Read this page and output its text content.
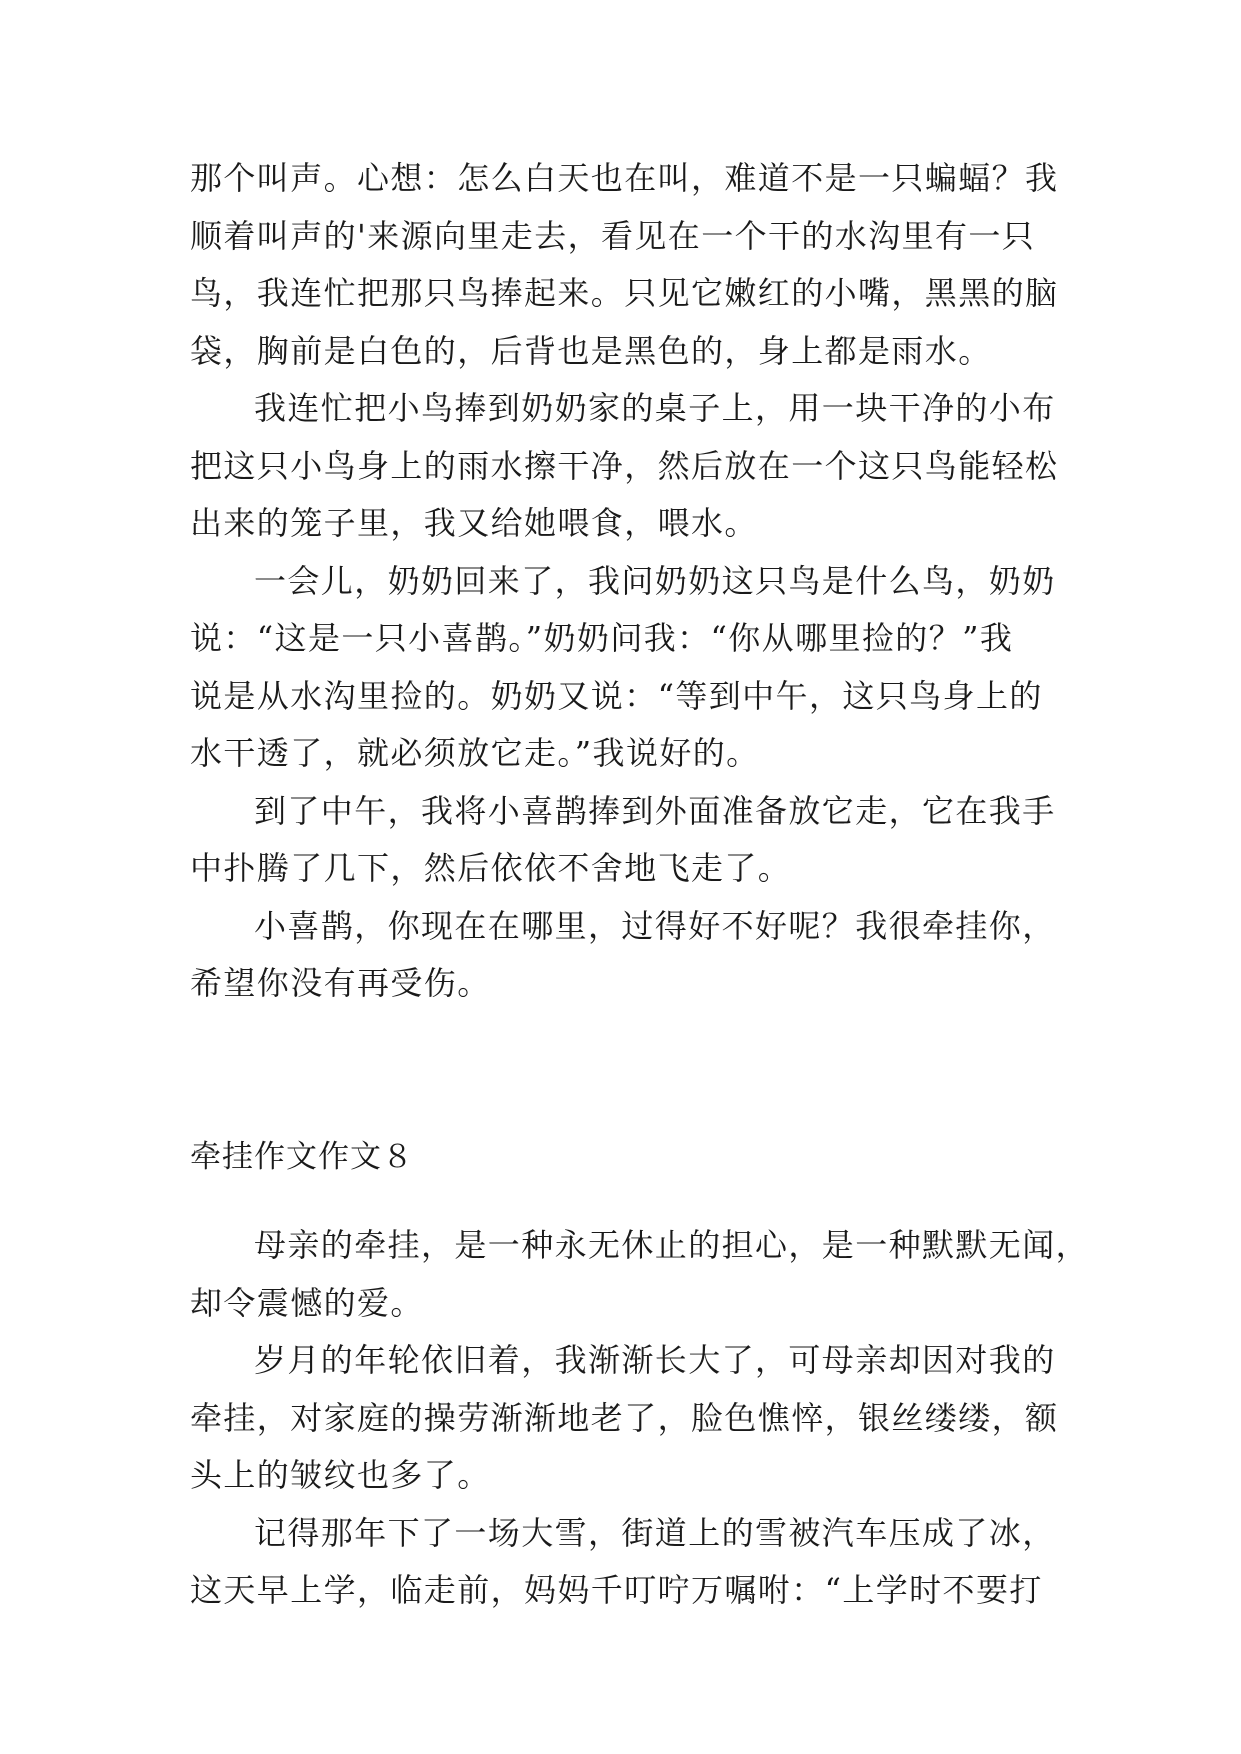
那个叫声。心想：怎么白天也在叫，难道不是一只蝙蝠？我

顺着叫声的'来源向里走去，看见在一个干的水沟里有一只

鸟，我连忙把那只鸟捧起来。只见它嫩红的小嘴，黑黑的脑

袋，胸前是白色的，后背也是黑色的，身上都是雨水。

我连忙把小鸟捧到奶奶家的桌子上，用一块干净的小布

把这只小鸟身上的雨水擦干净，然后放在一个这只鸟能轻松

出来的笼子里，我又给她喂食，喂水。

一会儿，奶奶回来了，我问奶奶这只鸟是什么鸟，奶奶

说：“这是一只小喜鹊。”奶奶问我：“你从哪里捡的？”我

说是从水沟里捡的。奶奶又说：“等到中午，这只鸟身上的

水干透了，就必须放它走。”我说好的。

到了中午，我将小喜鹊捧到外面准备放它走，它在我手

中扑腾了几下，然后依依不舍地飞走了。

小喜鹊，你现在在哪里，过得好不好呢？我很牵挂你，

希望你没有再受伤。

牵挂作文作文８

母亲的牵挂，是一种永无休止的担心，是一种默默无闻，

却令震憾的爱。

岁月的年轮依旧着，我渐渐长大了，可母亲却因对我的

牵挂，对家庭的操劳渐渐地老了，脸色憔悴，银丝缕缕，额

头上的皱纹也多了。

记得那年下了一场大雪，街道上的雪被汽车压成了冰，

这天早上学，临走前，妈妈千叮咛万嘱咐：“上学时不要打
